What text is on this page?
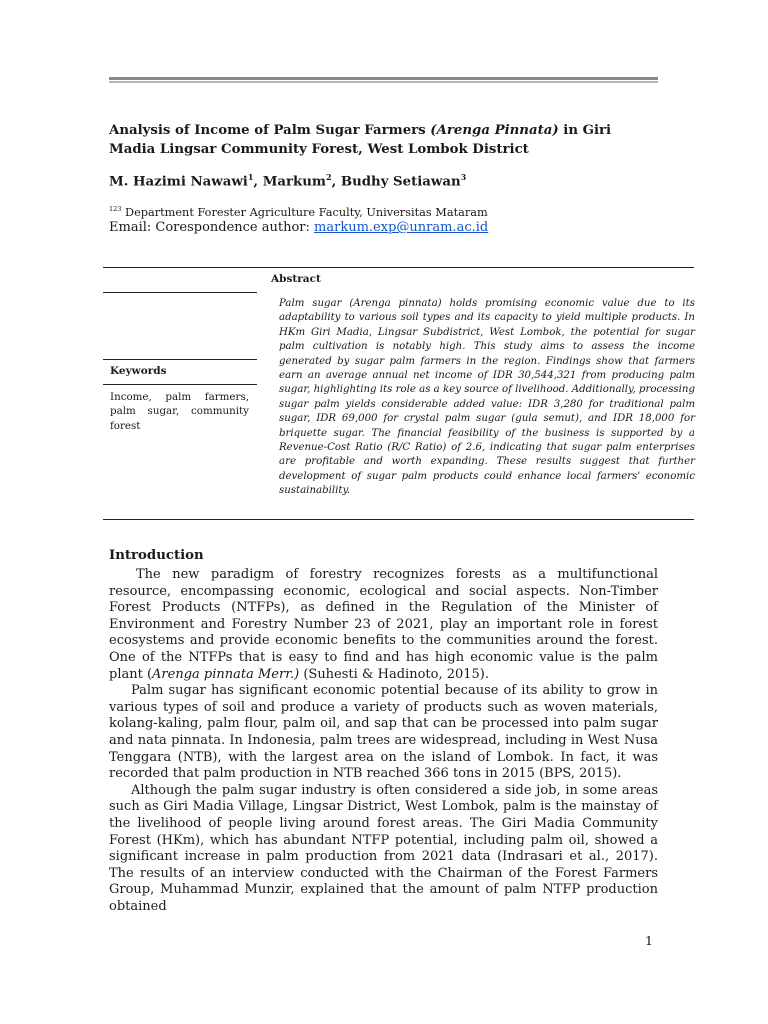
Analysis of Income of Palm Sugar Farmers (Arenga Pinnata) in Giri Madia Lingsar Community Forest, West Lombok District
M. Hazimi Nawawi$^1$, Markum$^2$, Budhy Setiawan$^3$
$^{123}$ Department Forester Agriculture Faculty, Universitas Mataram
Email: Corespondence author: markum.exp@unram.ac.id
Abstract
Keywords
Income, palm farmers, palm sugar, community forest
Palm sugar (Arenga pinnata) holds promising economic value due to its adaptability to various soil types and its capacity to yield multiple products. In HKm Giri Madia, Lingsar Subdistrict, West Lombok, the potential for sugar palm cultivation is notably high. This study aims to assess the income generated by sugar palm farmers in the region. Findings show that farmers earn an average annual net income of IDR 30,544,321 from producing palm sugar, highlighting its role as a key source of livelihood. Additionally, processing sugar palm yields considerable added value: IDR 3,280 for traditional palm sugar, IDR 69,000 for crystal palm sugar (gula semut), and IDR 18,000 for briquette sugar. The financial feasibility of the business is supported by a Revenue-Cost Ratio (R/C Ratio) of 2.6, indicating that sugar palm enterprises are profitable and worth expanding. These results suggest that further development of sugar palm products could enhance local farmers' economic sustainability.
Introduction

The new paradigm of forestry recognizes forests as a multifunctional resource, encompassing economic, ecological and social aspects. Non-Timber Forest Products (NTFPs), as defined in the Regulation of the Minister of Environment and Forestry Number 23 of 2021, play an important role in forest ecosystems and provide economic benefits to the communities around the forest. One of the NTFPs that is easy to find and has high economic value is the palm plant (Arenga pinnata Merr.) (Suhesti & Hadinoto, 2015).

Palm sugar has significant economic potential because of its ability to grow in various types of soil and produce a variety of products such as woven materials, kolang-kaling, palm flour, palm oil, and sap that can be processed into palm sugar and nata pinnata. In Indonesia, palm trees are widespread, including in West Nusa Tenggara (NTB), with the largest area on the island of Lombok. In fact, it was recorded that palm production in NTB reached 366 tons in 2015 (BPS, 2015).

Although the palm sugar industry is often considered a side job, in some areas such as Giri Madia Village, Lingsar District, West Lombok, palm is the mainstay of the livelihood of people living around forest areas. The Giri Madia Community Forest (HKm), which has abundant NTFP potential, including palm oil, showed a significant increase in palm production from 2021 data (Indrasari et al., 2017). The results of an interview conducted with the Chairman of the Forest Farmers Group, Muhammad Munzir, explained that the amount of palm NTFP production obtained

1
